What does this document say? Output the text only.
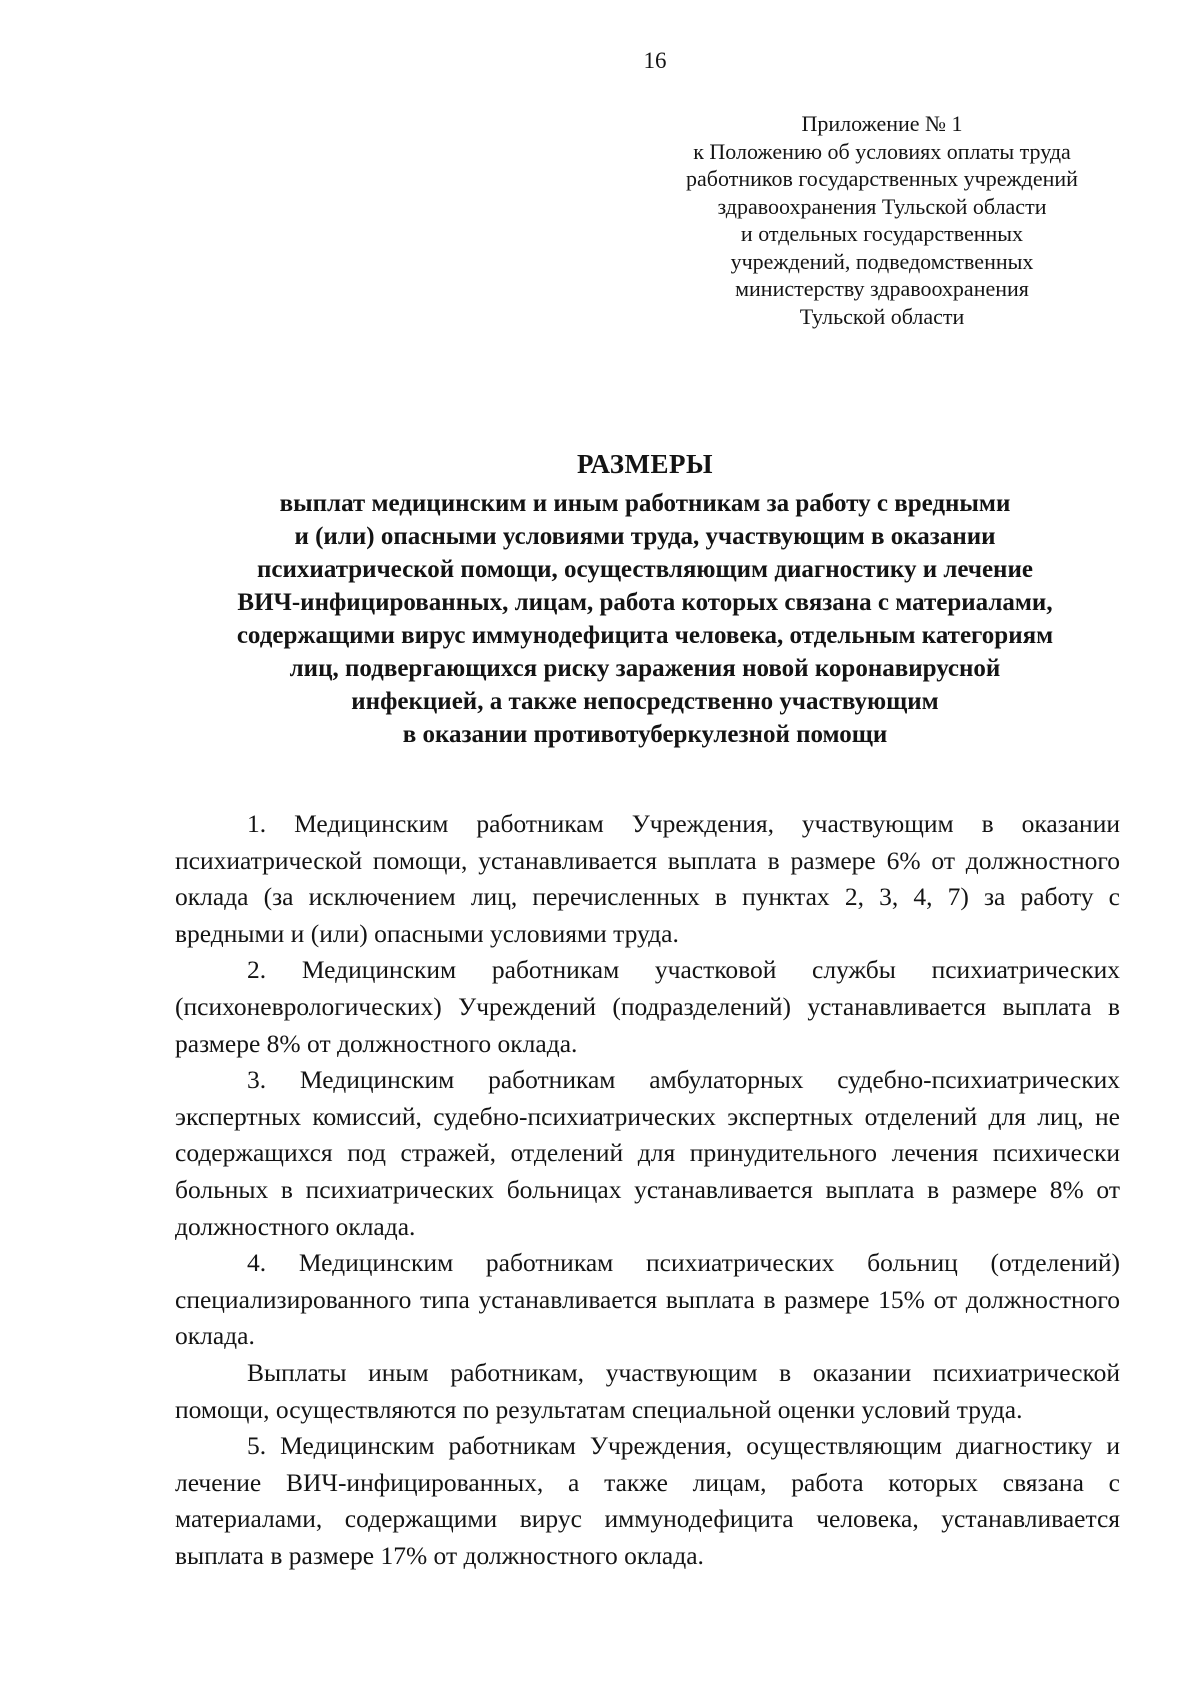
16
Приложение № 1
к Положению об условиях оплаты труда
работников государственных учреждений
здравоохранения Тульской области
и отдельных государственных
учреждений, подведомственных
министерству здравоохранения
Тульской области
РАЗМЕРЫ
выплат медицинским и иным работникам за работу с вредными
и (или) опасными условиями труда, участвующим в оказании
психиатрической помощи, осуществляющим диагностику и лечение
ВИЧ-инфицированных, лицам, работа которых связана с материалами,
содержащими вирус иммунодефицита человека, отдельным категориям
лиц, подвергающихся риску заражения новой коронавирусной
инфекцией, а также непосредственно участвующим
в оказании противотуберкулезной помощи

1. Медицинским работникам Учреждения, участвующим в оказании психиатрической помощи, устанавливается выплата в размере 6% от должностного оклада (за исключением лиц, перечисленных в пунктах 2, 3, 4, 7) за работу с вредными и (или) опасными условиями труда.

2. Медицинским работникам участковой службы психиатрических (психоневрологических) Учреждений (подразделений) устанавливается выплата в размере 8% от должностного оклада.

3. Медицинским работникам амбулаторных судебно-психиатрических экспертных комиссий, судебно-психиатрических экспертных отделений для лиц, не содержащихся под стражей, отделений для принудительного лечения психически больных в психиатрических больницах устанавливается выплата в размере 8% от должностного оклада.

4. Медицинским работникам психиатрических больниц (отделений) специализированного типа устанавливается выплата в размере 15% от должностного оклада.

Выплаты иным работникам, участвующим в оказании психиатрической помощи, осуществляются по результатам специальной оценки условий труда.

5. Медицинским работникам Учреждения, осуществляющим диагностику и лечение ВИЧ-инфицированных, а также лицам, работа которых связана с материалами, содержащими вирус иммунодефицита человека, устанавливается выплата в размере 17% от должностного оклада.
